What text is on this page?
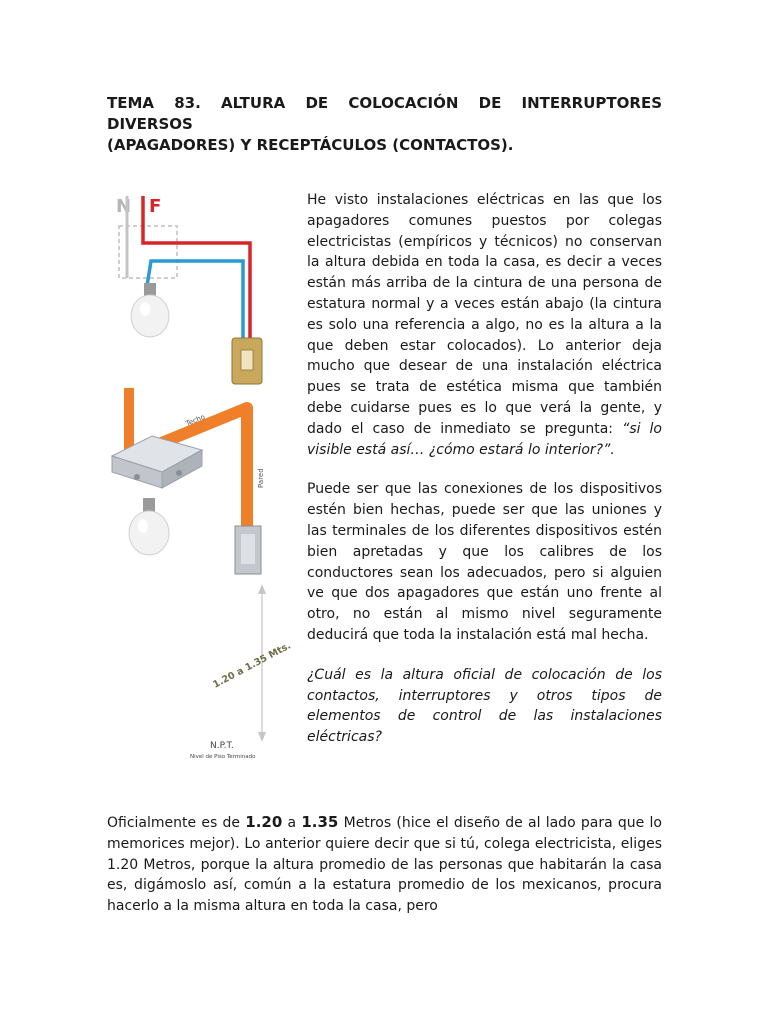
TEMA 83. ALTURA DE COLOCACIÓN DE INTERRUPTORES DIVERSOS
(APAGADORES) Y RECEPTÁCULOS (CONTACTOS).
N F
Techo
Pared
1.20 a 1.35 Mts.
N.P.T.
Nivel de Piso Terminado

He visto instalaciones eléctricas en las que los apagadores comunes puestos por colegas electricistas (empíricos y técnicos) no conservan la altura debida en toda la casa, es decir a veces están más arriba de la cintura de una persona de estatura normal y a veces están abajo (la cintura es solo una referencia a algo, no es la altura a la que deben estar colocados). Lo anterior deja mucho que desear de una instalación eléctrica pues se trata de estética misma que también debe cuidarse pues es lo que verá la gente, y dado el caso de inmediato se pregunta: “si lo visible está así… ¿cómo estará lo interior?”.

Puede ser que las conexiones de los dispositivos estén bien hechas, puede ser que las uniones y las terminales de los diferentes dispositivos estén bien apretadas y que los calibres de los conductores sean los adecuados, pero si alguien ve que dos apagadores que están uno frente al otro, no están al mismo nivel seguramente deducirá que toda la instalación está mal hecha.

¿Cuál es la altura oficial de colocación de los contactos, interruptores y otros tipos de elementos de control de las instalaciones eléctricas?

Oficialmente es de 1.20 a 1.35 Metros (hice el diseño de al lado para que lo memorices mejor). Lo anterior quiere decir que si tú, colega electricista, eliges 1.20 Metros, porque la altura promedio de las personas que habitarán la casa es, digámoslo así, común a la estatura promedio de los mexicanos, procura hacerlo a la misma altura en toda la casa, pero
